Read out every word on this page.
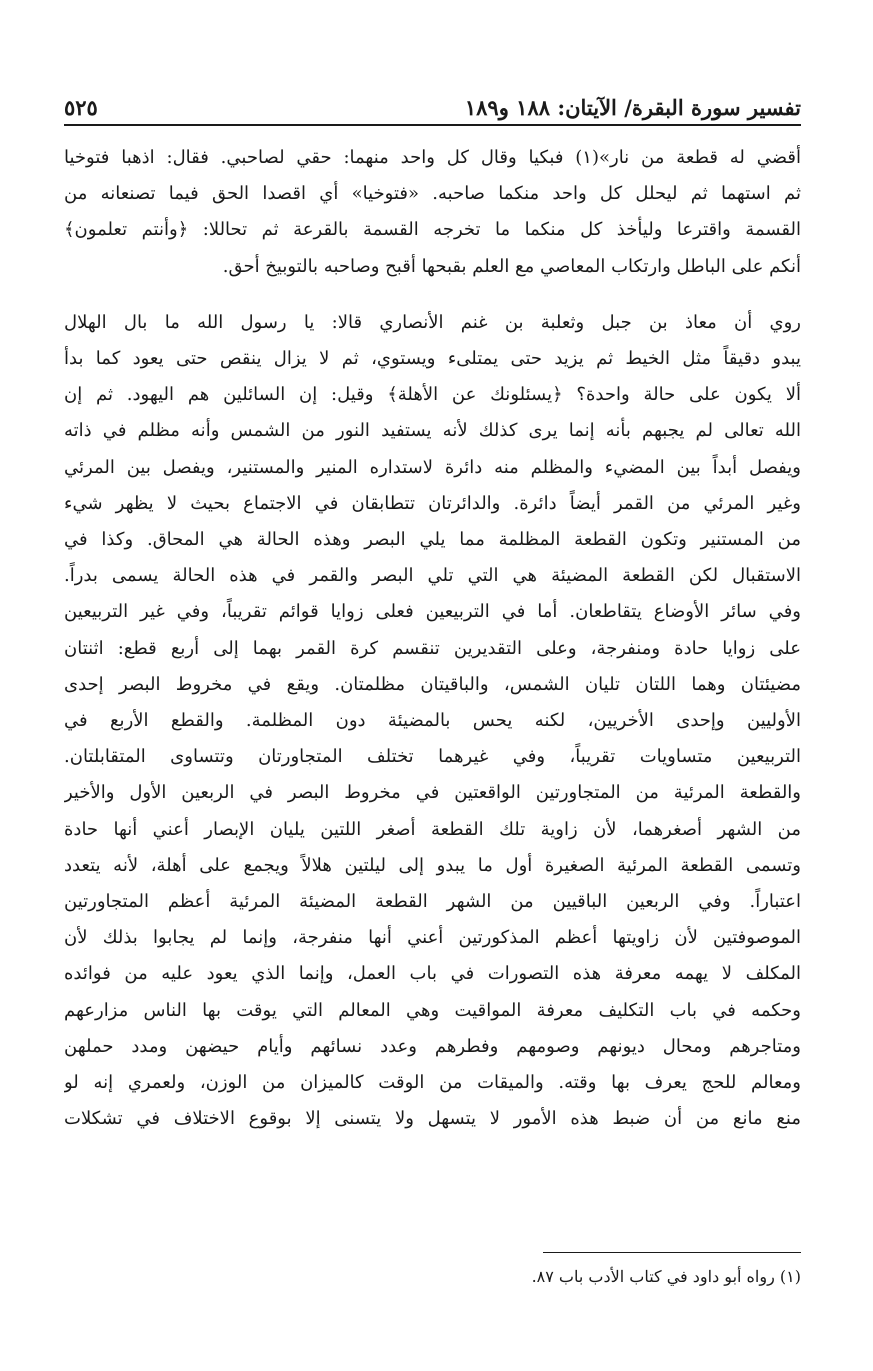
تفسير سورة البقرة/ الآيتان: ١٨٨ و١٨٩
٥٢٥

أقضي له قطعة من نار»(١) فبكيا وقال كل واحد منهما: حقي لصاحبي. فقال: اذهبا فتوخيا
ثم استهما ثم ليحلل كل واحد منكما صاحبه. «فتوخيا» أي اقصدا الحق فيما تصنعانه من
القسمة واقترعا وليأخذ كل منكما ما تخرجه القسمة بالقرعة ثم تحاللا: ﴿وأنتم تعلمون﴾
أنكم على الباطل وارتكاب المعاصي مع العلم بقبحها أقبح وصاحبه بالتوبيخ أحق.

روي أن معاذ بن جبل وثعلبة بن غنم الأنصاري قالا: يا رسول الله ما بال الهلال
يبدو دقيقاً مثل الخيط ثم يزيد حتى يمتلىء ويستوي، ثم لا يزال ينقص حتى يعود كما بدأ
ألا يكون على حالة واحدة؟ ﴿يسئلونك عن الأهلة﴾ وقيل: إن السائلين هم اليهود. ثم إن
الله تعالى لم يجبهم بأنه إنما يرى كذلك لأنه يستفيد النور من الشمس وأنه مظلم في ذاته
ويفصل أبداً بين المضيء والمظلم منه دائرة لاستداره المنير والمستنير، ويفصل بين المرئي
وغير المرئي من القمر أيضاً دائرة. والدائرتان تتطابقان في الاجتماع بحيث لا يظهر شيء
من المستنير وتكون القطعة المظلمة مما يلي البصر وهذه الحالة هي المحاق. وكذا في
الاستقبال لكن القطعة المضيئة هي التي تلي البصر والقمر في هذه الحالة يسمى بدراً.
وفي سائر الأوضاع يتقاطعان. أما في التربيعين فعلى زوايا قوائم تقريباً، وفي غير التربيعين
على زوايا حادة ومنفرجة، وعلى التقديرين تنقسم كرة القمر بهما إلى أربع قطع: اثنتان
مضيئتان وهما اللتان تليان الشمس، والباقيتان مظلمتان. ويقع في مخروط البصر إحدى
الأوليين وإحدى الأخريين، لكنه يحس بالمضيئة دون المظلمة. والقطع الأربع في
التربيعين متساويات تقريباً، وفي غيرهما تختلف المتجاورتان وتتساوى المتقابلتان.
والقطعة المرئية من المتجاورتين الواقعتين في مخروط البصر في الربعين الأول والأخير
من الشهر أصغرهما، لأن زاوية تلك القطعة أصغر اللتين يليان الإبصار أعني أنها حادة
وتسمى القطعة المرئية الصغيرة أول ما يبدو إلى ليلتين هلالاً ويجمع على أهلة، لأنه يتعدد
اعتباراً. وفي الربعين الباقيين من الشهر القطعة المضيئة المرئية أعظم المتجاورتين
الموصوفتين لأن زاويتها أعظم المذكورتين أعني أنها منفرجة، وإنما لم يجابوا بذلك لأن
المكلف لا يهمه معرفة هذه التصورات في باب العمل، وإنما الذي يعود عليه من فوائده
وحكمه في باب التكليف معرفة المواقيت وهي المعالم التي يوقت بها الناس مزارعهم
ومتاجرهم ومحال ديونهم وصومهم وفطرهم وعدد نسائهم وأيام حيضهن ومدد حملهن
ومعالم للحج يعرف بها وقته. والميقات من الوقت كالميزان من الوزن، ولعمري إنه لو
منع مانع من أن ضبط هذه الأمور لا يتسهل ولا يتسنى إلا بوقوع الاختلاف في تشكلات

(١) رواه أبو داود في كتاب الأدب باب ٨٧.
